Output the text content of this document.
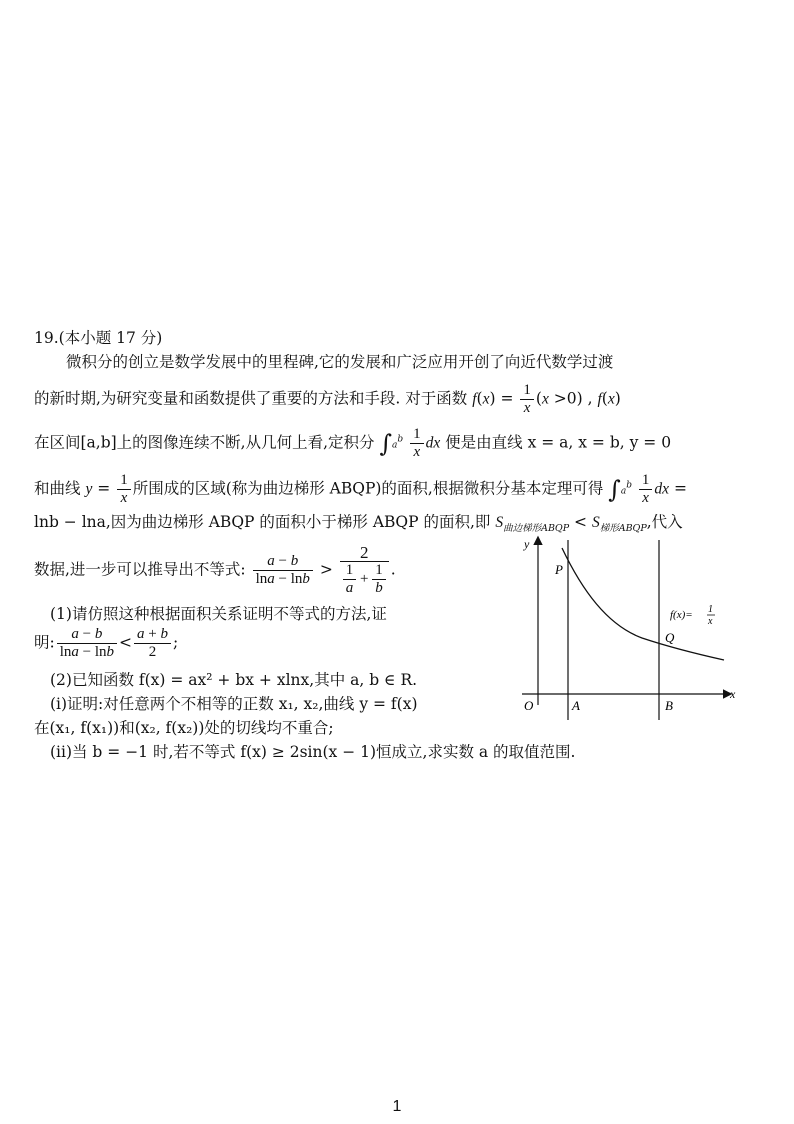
19.(本小题 17 分)
微积分的创立是数学发展中的里程碑,它的发展和广泛应用开创了向近代数学过渡
的新时期,为研究变量和函数提供了重要的方法和手段. 对于函数 $f(x) = \frac{1}{x} (x >0)$ , f(x)
在区间[a,b]上的图像连续不断,从几何上看,定积分 $\int a^b \frac{1}{x}$ dx 便是由直线 x = a, x = b, y = 0
和曲线 $y = \frac{1}{x}$ 所围成的区域(称为曲边梯形 ABQP)的面积,根据微积分基本定理可得 $\int a^b \frac{1}{x}$ dx =
lnb − lna,因为曲边梯形 ABQP 的面积小于梯形 ABQP 的面积,即 $S_{曲边梯形ABQP} < S_{梯形ABQP}$,代入
数据,进一步可以推导出不等式: $\frac{a - b}{\ln a - \ln b} > \frac{2}{\frac{1}{a} + \frac{1}{b}}$ .
(1)请仿照这种根据面积关系证明不等式的方法,证
明: $\frac{a - b}{\ln a - \ln b} < \frac{a + b}{2}$ ;
(2)已知函数 f(x) = ax² + bx + xlnx,其中 a, b ∈ R.
(i)证明:对任意两个不相等的正数 x₁, x₂,曲线 y = f(x)
在(x₁, f(x₁))和(x₂, f(x₂))处的切线均不重合;
(ii)当 b = −1 时,若不等式 f(x) ≥ 2sin(x − 1)恒成立,求实数 a 的取值范围.
y
x
O	A	B
P
Q
f(x)= 1
x
1
